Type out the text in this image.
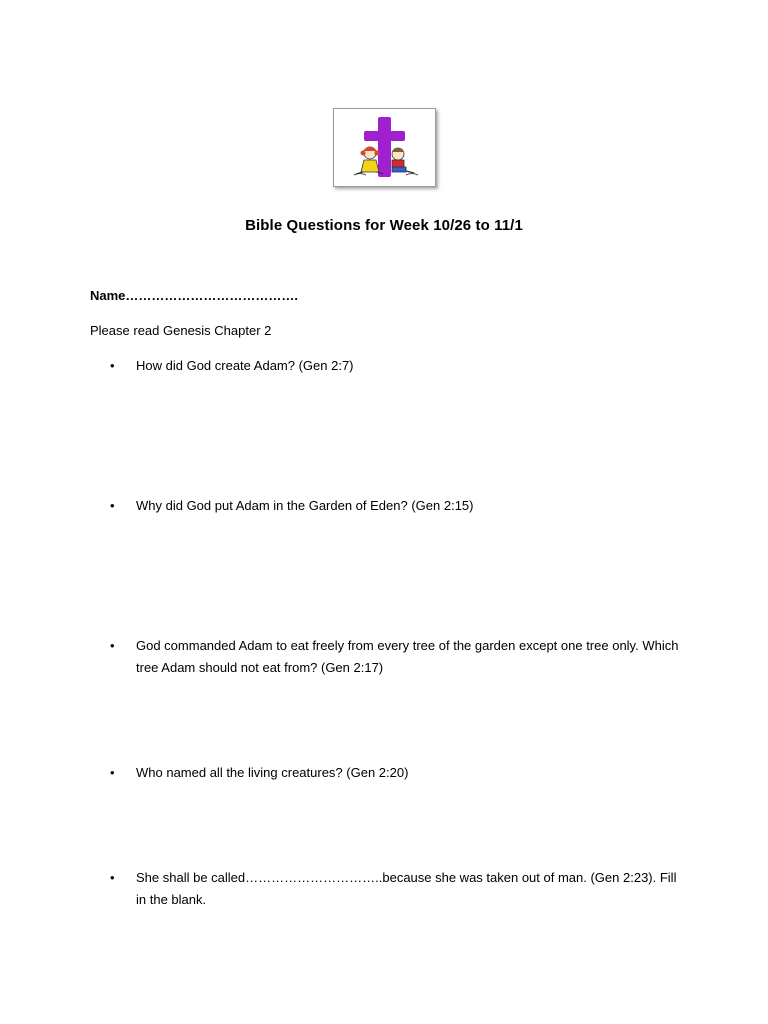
Bible Questions for Week 10/26 to 11/1
Name………………………………….
Please read Genesis Chapter 2
•	How did God create Adam? (Gen 2:7)
•	Why did God put Adam in the Garden of Eden? (Gen 2:15)
•	God commanded Adam to eat freely from every tree of the garden except one tree only. Which tree Adam should not eat from? (Gen 2:17)
•	Who named all the living creatures? (Gen 2:20)
•	She shall be called…………………………..because she was taken out of man. (Gen 2:23). Fill in the blank.
